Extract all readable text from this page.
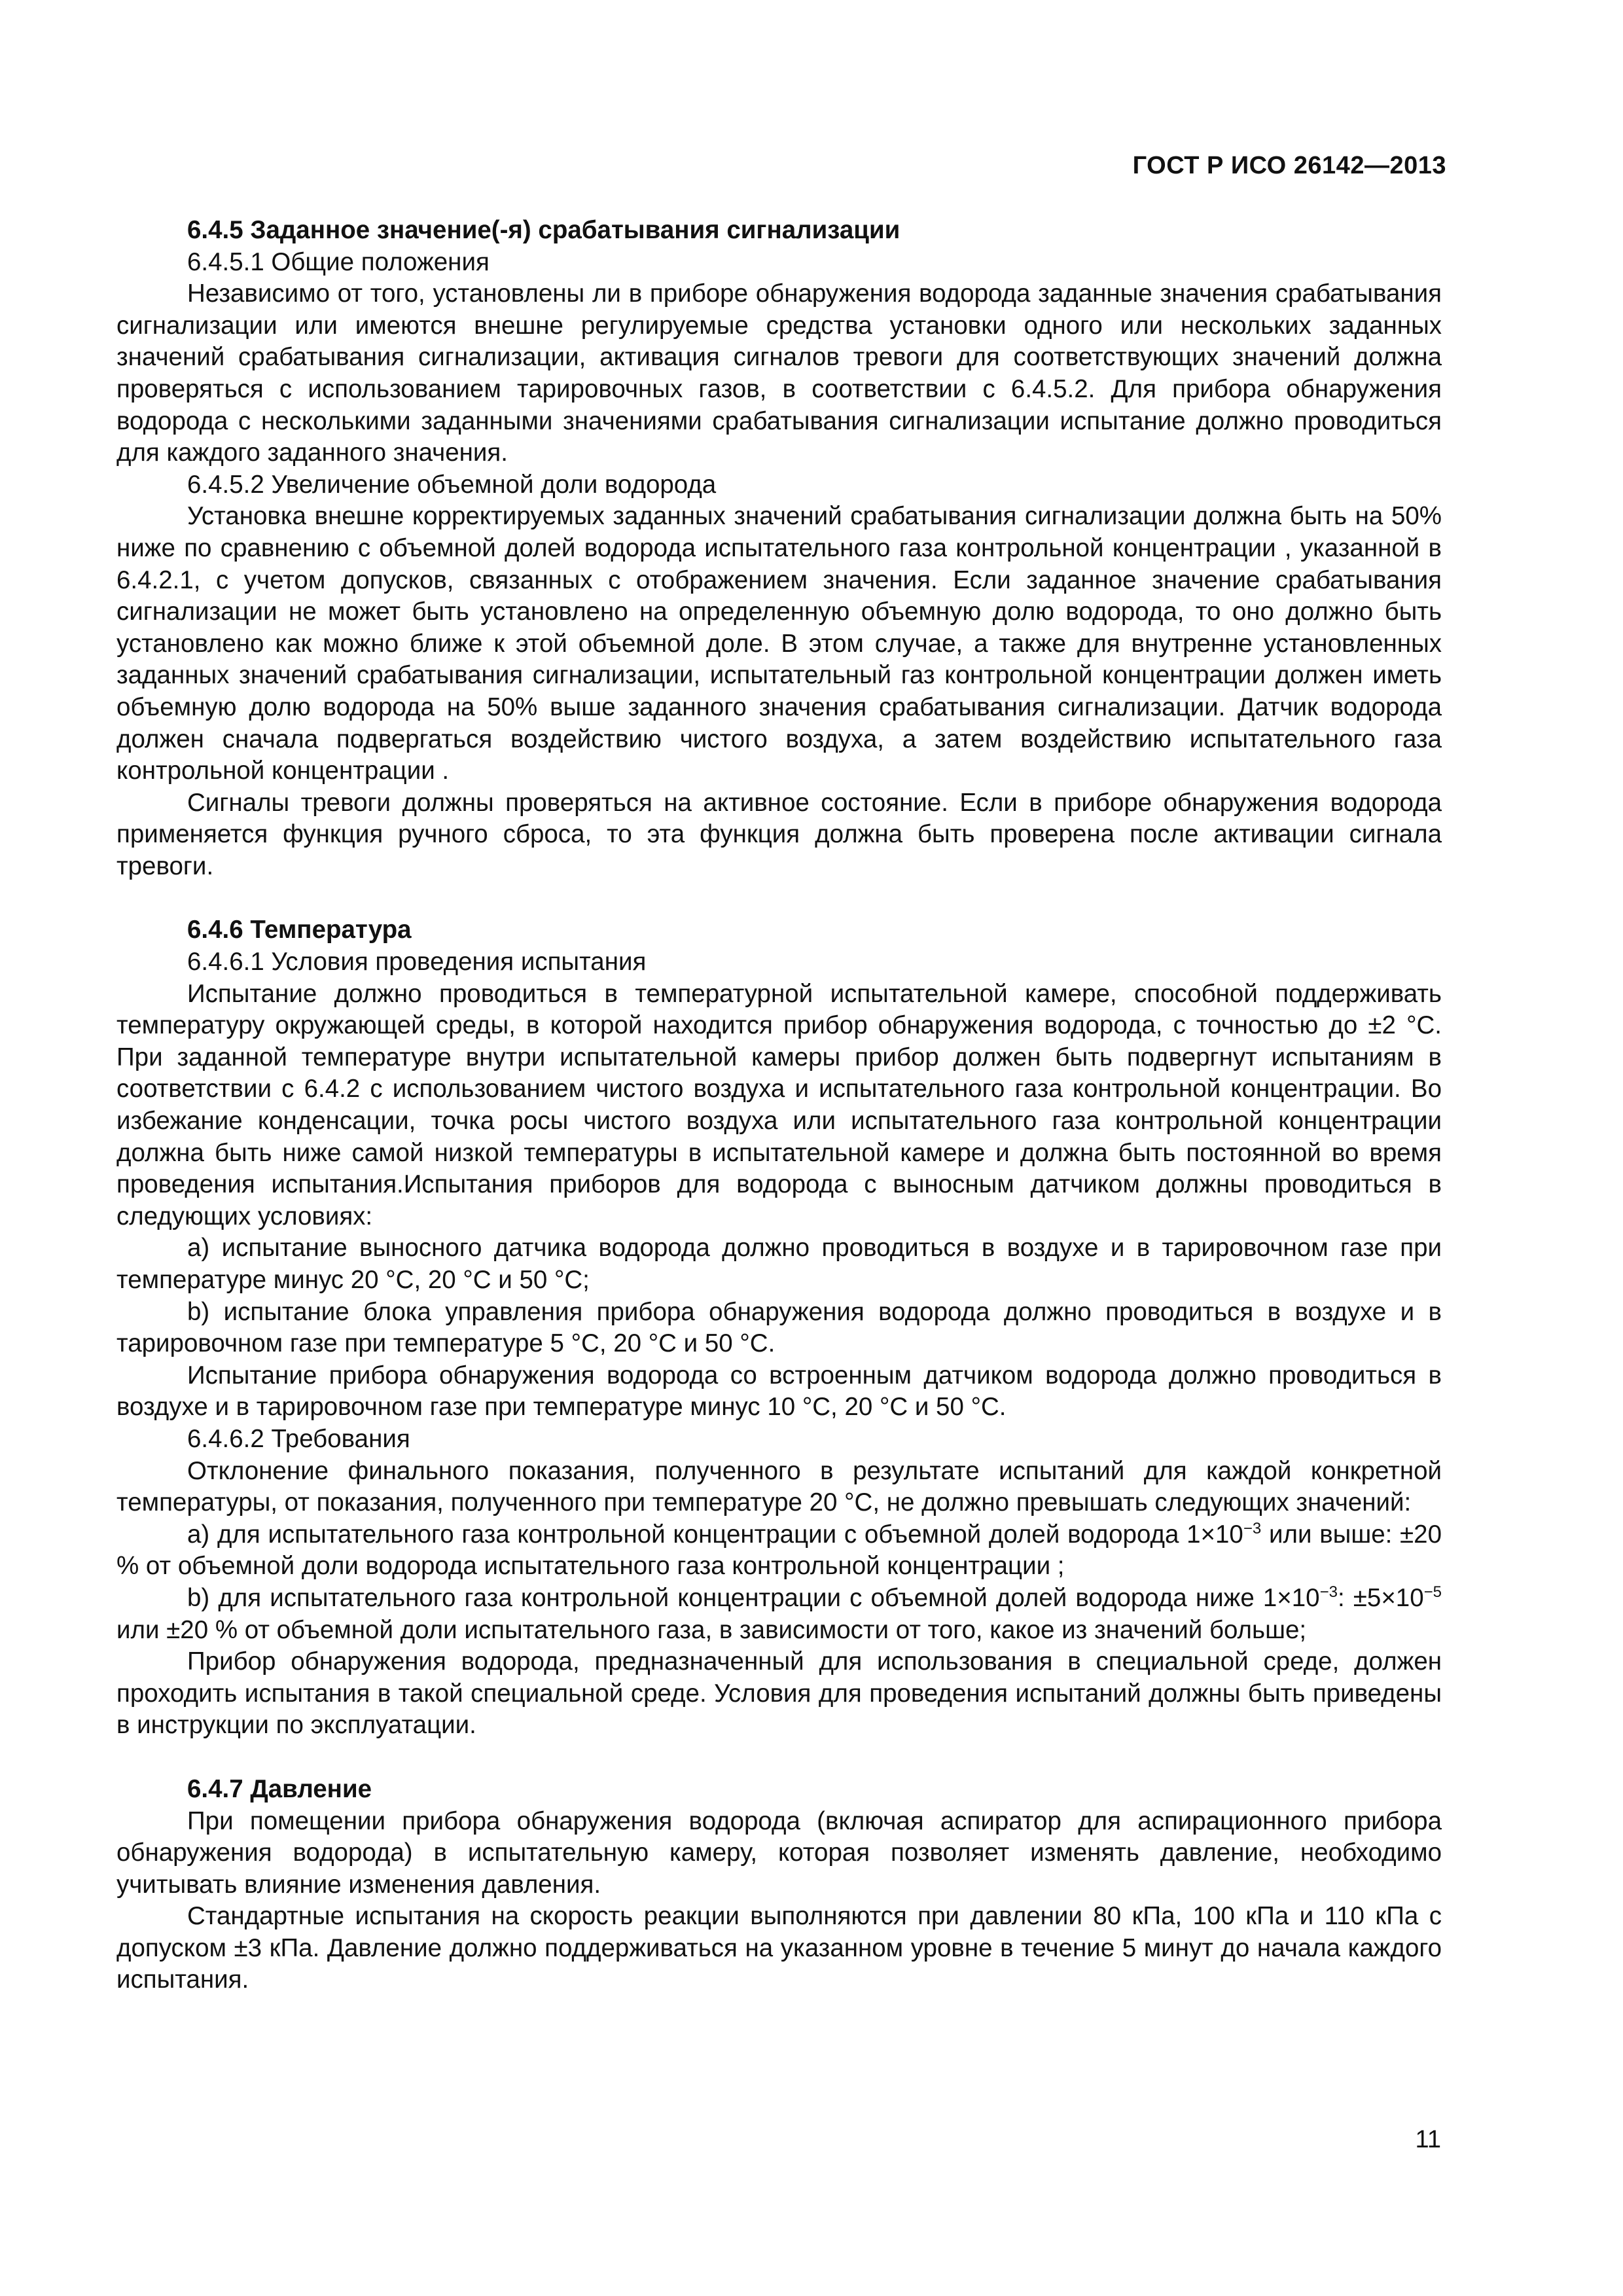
ГОСТ Р ИСО 26142—2013

6.4.5 Заданное значение(-я) срабатывания сигнализации

6.4.5.1 Общие положения

Независимо от того, установлены ли в приборе обнаружения водорода заданные значения срабатывания сигнализации или имеются внешне регулируемые средства установки одного или нескольких заданных значений срабатывания сигнализации, активация сигналов тревоги для соответствующих значений должна проверяться с использованием тарировочных газов, в соответствии с 6.4.5.2. Для прибора обнаружения водорода с несколькими заданными значениями срабатывания сигнализации испытание должно проводиться для каждого заданного значения.

6.4.5.2 Увеличение объемной доли водорода

Установка внешне корректируемых заданных значений срабатывания сигнализации должна быть на 50% ниже по сравнению с объемной долей водорода испытательного газа контрольной концентрации , указанной в 6.4.2.1, с учетом допусков, связанных с отображением значения. Если заданное значение срабатывания сигнализации не может быть установлено на определенную объемную долю водорода, то оно должно быть установлено как можно ближе к этой объемной доле. В этом случае, а также для внутренне установленных заданных значений срабатывания сигнализации, испытательный газ контрольной концентрации должен иметь объемную долю водорода на 50% выше заданного значения срабатывания сигнализации. Датчик водорода должен сначала подвергаться воздействию чистого воздуха, а затем воздействию испытательного газа контрольной концентрации .

Сигналы тревоги должны проверяться на активное состояние. Если в приборе обнаружения водорода применяется функция ручного сброса, то эта функция должна быть проверена после активации сигнала тревоги.

6.4.6 Температура

6.4.6.1 Условия проведения испытания

Испытание должно проводиться в температурной испытательной камере, способной поддерживать температуру окружающей среды, в которой находится прибор обнаружения водорода, с точностью до ±2 °С. При заданной температуре внутри испытательной камеры прибор должен быть подвергнут испытаниям в соответствии с 6.4.2 с использованием чистого воздуха и испытательного газа контрольной концентрации. Во избежание конденсации, точка росы чистого воздуха или испытательного газа контрольной концентрации должна быть ниже самой низкой температуры в испытательной камере и должна быть постоянной во время проведения испытания.Испытания приборов для водорода с выносным датчиком должны проводиться в следующих условиях:

а) испытание выносного датчика водорода должно проводиться в воздухе и в тарировочном газе при температуре минус 20 °С, 20 °С и 50 °С;

b) испытание блока управления прибора обнаружения водорода должно проводиться в воздухе и в тарировочном газе при температуре 5 °С, 20 °С и 50 °С.

Испытание прибора обнаружения водорода со встроенным датчиком водорода должно проводиться в воздухе и в тарировочном газе при температуре минус 10 °С, 20 °С и 50 °С.

6.4.6.2 Требования

Отклонение финального показания, полученного в результате испытаний для каждой конкретной температуры, от показания, полученного при температуре 20 °С, не должно превышать следующих значений:

а) для испытательного газа контрольной концентрации с объемной долей водорода $1\times 10^{-3}$ или выше: ±20 % от объемной доли водорода испытательного газа контрольной концентрации ;

b) для испытательного газа контрольной концентрации с объемной долей водорода ниже $1\times 10^{-3}$: $\pm 5\times 10^{-5}$ или ±20 % от объемной доли испытательного газа, в зависимости от того, какое из значений больше;

Прибор обнаружения водорода, предназначенный для использования в специальной среде, должен проходить испытания в такой специальной среде. Условия для проведения испытаний должны быть приведены в инструкции по эксплуатации.

6.4.7 Давление

При помещении прибора обнаружения водорода (включая аспиратор для аспирационного прибора обнаружения водорода) в испытательную камеру, которая позволяет изменять давление, необходимо учитывать влияние изменения давления.

Стандартные испытания на скорость реакции выполняются при давлении 80 кПа, 100 кПа и 110 кПа с допуском ±3 кПа. Давление должно поддерживаться на указанном уровне в течение 5 минут до начала каждого испытания.

11
